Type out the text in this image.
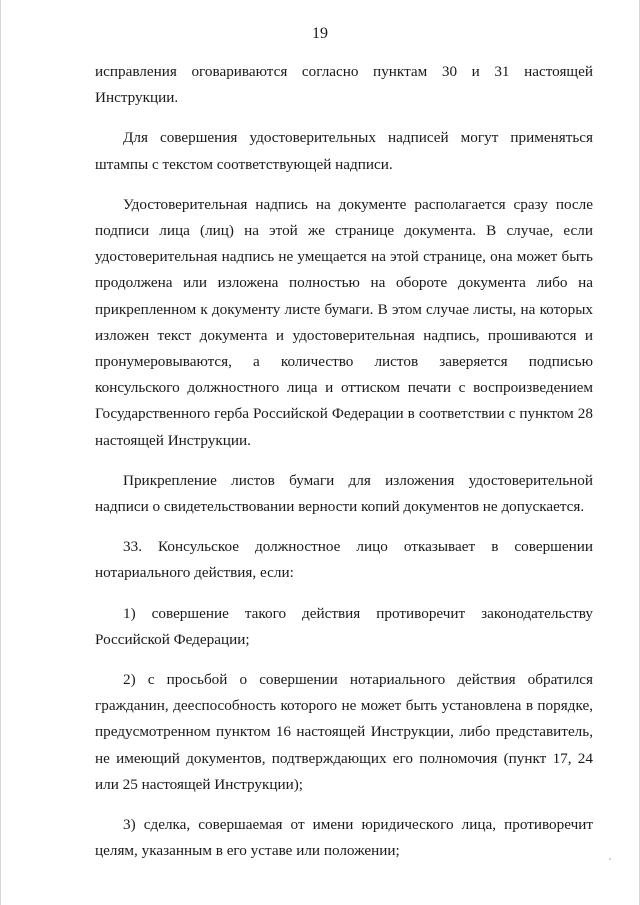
19

исправления оговариваются согласно пунктам 30 и 31 настоящей Инструкции.

Для совершения удостоверительных надписей могут применяться штампы с текстом соответствующей надписи.

Удостоверительная надпись на документе располагается сразу после подписи лица (лиц) на этой же странице документа. В случае, если удостоверительная надпись не умещается на этой странице, она может быть продолжена или изложена полностью на обороте документа либо на прикрепленном к документу листе бумаги. В этом случае листы, на которых изложен текст документа и удостоверительная надпись, прошиваются и пронумеровываются, а количество листов заверяется подписью консульского должностного лица и оттиском печати с воспроизведением Государственного герба Российской Федерации в соответствии с пунктом 28 настоящей Инструкции.

Прикрепление листов бумаги для изложения удостоверительной надписи о свидетельствовании верности копий документов не допускается.

33. Консульское должностное лицо отказывает в совершении нотариального действия, если:

1) совершение такого действия противоречит законодательству Российской Федерации;

2) с просьбой о совершении нотариального действия обратился гражданин, дееспособность которого не может быть установлена в порядке, предусмотренном пунктом 16 настоящей Инструкции, либо представитель, не имеющий документов, подтверждающих его полномочия (пункт 17, 24 или 25 настоящей Инструкции);

3) сделка, совершаемая от имени юридического лица, противоречит целям, указанным в его уставе или положении;
